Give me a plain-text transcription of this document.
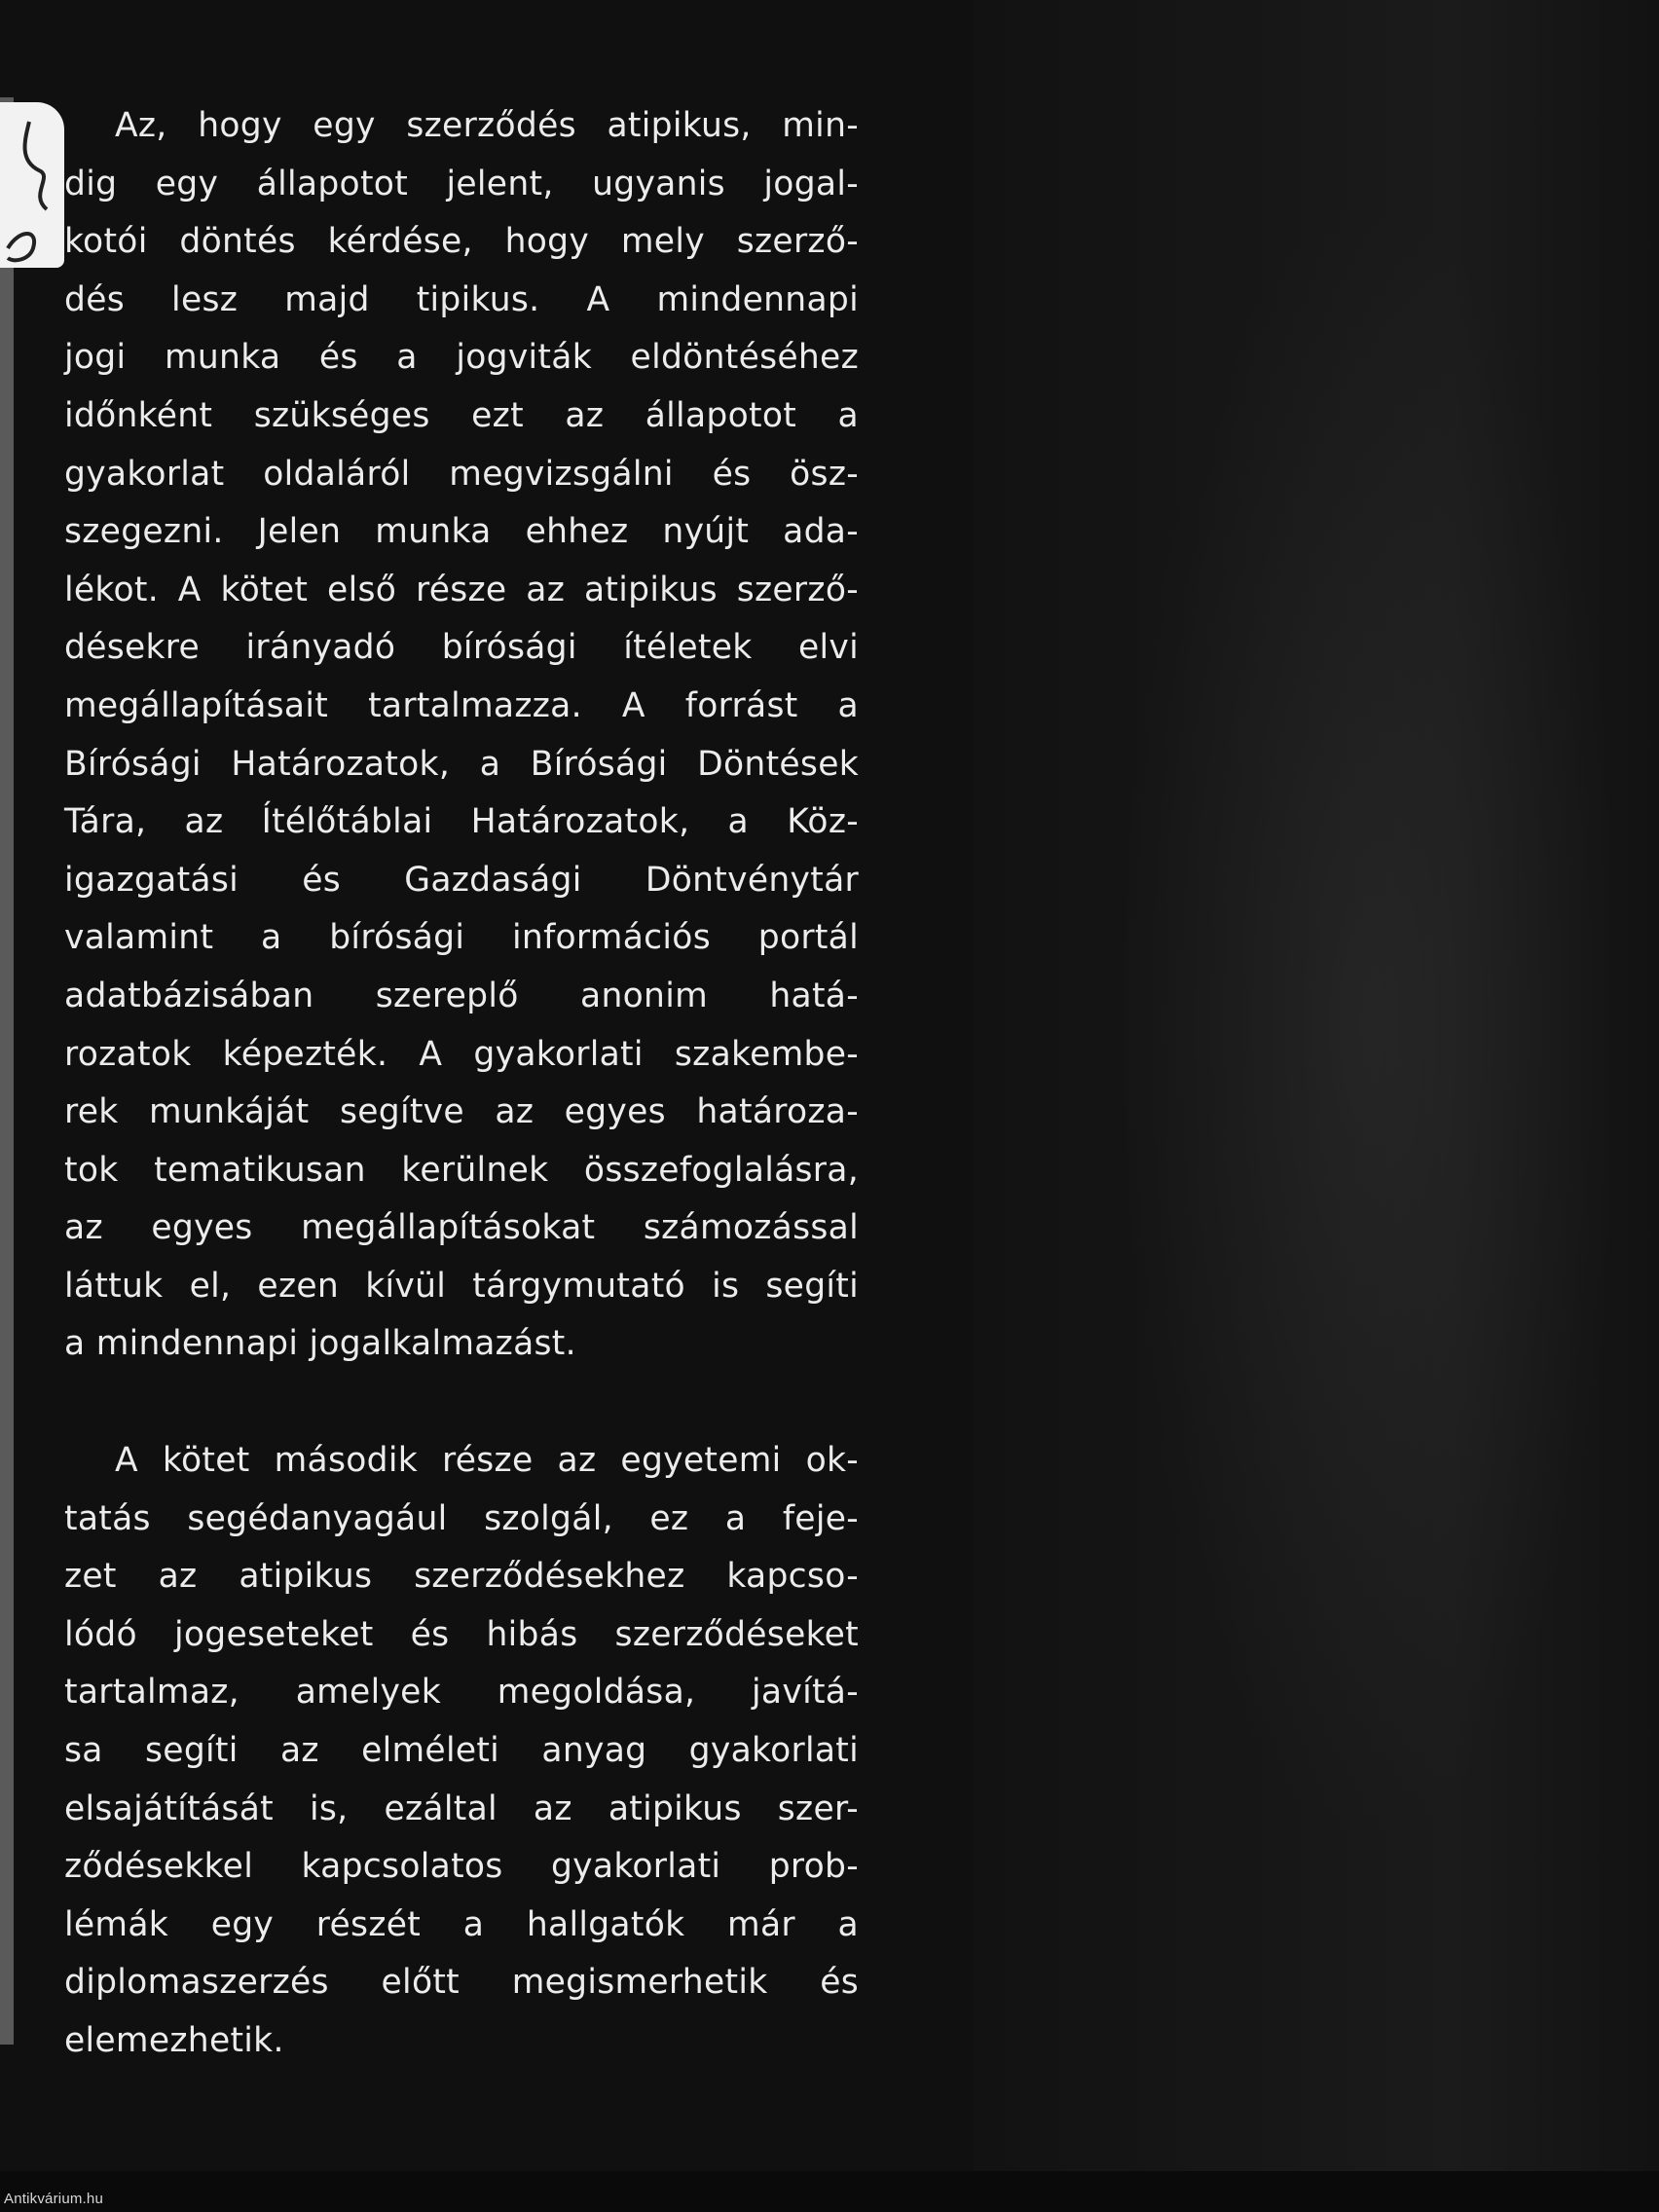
Az, hogy egy szerződés atipikus, min-
dig egy állapotot jelent, ugyanis jogal-
kotói döntés kérdése, hogy mely szerző-
dés lesz majd tipikus. A mindennapi
jogi munka és a jogviták eldöntéséhez
időnként szükséges ezt az állapotot a
gyakorlat oldaláról megvizsgálni és ösz-
szegezni. Jelen munka ehhez nyújt ada-
lékot. A kötet első része az atipikus szerző-
désekre irányadó bírósági ítéletek elvi
megállapításait tartalmazza. A forrást a
Bírósági Határozatok, a Bírósági Döntések
Tára, az Ítélőtáblai Határozatok, a Köz-
igazgatási és Gazdasági Döntvénytár
valamint a bírósági információs portál
adatbázisában szereplő anonim hatá-
rozatok képezték. A gyakorlati szakembe-
rek munkáját segítve az egyes határoza-
tok tematikusan kerülnek összefoglalásra,
az egyes megállapításokat számozással
láttuk el, ezen kívül tárgymutató is segíti
a mindennapi jogalkalmazást.
A kötet második része az egyetemi ok-
tatás segédanyagául szolgál, ez a feje-
zet az atipikus szerződésekhez kapcso-
lódó jogeseteket és hibás szerződéseket
tartalmaz, amelyek megoldása, javítá-
sa segíti az elméleti anyag gyakorlati
elsajátítását is, ezáltal az atipikus szer-
ződésekkel kapcsolatos gyakorlati prob-
lémák egy részét a hallgatók már a
diplomaszerzés előtt megismerhetik és
elemezhetik.
Antikvárium.hu
